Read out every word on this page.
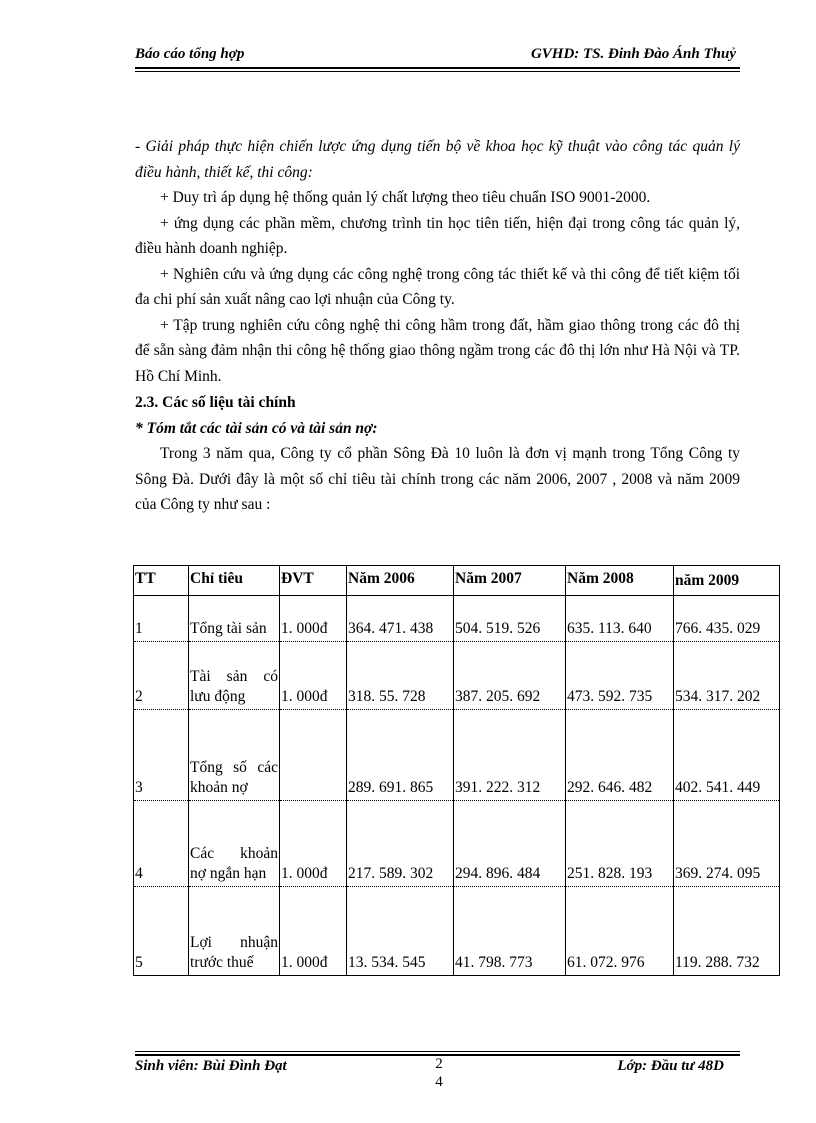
Báo cáo tổng hợp	GVHD: TS. Đinh Đào Ánh Thuỷ

- Giải pháp thực hiện chiến lược ứng dụng tiến bộ về khoa học kỹ thuật vào công tác quản lý điều hành, thiết kế, thi công:

+ Duy trì áp dụng hệ thống quản lý chất lượng theo tiêu chuẩn ISO 9001-2000.

+ ứng dụng các phần mềm, chương trình tin học tiên tiến, hiện đại trong công tác quản lý, điều hành doanh nghiệp.

+ Nghiên cứu và ứng dụng các công nghệ trong công tác thiết kế và thi công để tiết kiệm tối đa chi phí sản xuất nâng cao lợi nhuận của Công ty.

+ Tập trung nghiên cứu công nghệ thi công hầm trong đất, hầm giao thông trong các đô thị để sẵn sàng đảm nhận thi công hệ thống giao thông ngầm trong các đô thị lớn như Hà Nội và TP. Hồ Chí Minh.

2.3. Các số liệu tài chính

* Tóm tắt các tài sản có và tài sản nợ:

Trong 3 năm qua, Công ty cổ phần Sông Đà 10 luôn là đơn vị mạnh trong Tổng Công ty Sông Đà. Dưới đây là một số chỉ tiêu tài chính trong các năm 2006, 2007 , 2008 và năm 2009 của Công ty như sau :

TT	Chỉ tiêu	ĐVT	Năm 2006	Năm 2007	Năm 2008	năm 2009
1	Tổng tài sản	1. 000đ	364. 471. 438	504. 519. 526	635. 113. 640	766. 435. 029
2	Tài sản có
lưu động	1. 000đ	318. 55. 728	387. 205. 692	473. 592. 735	534. 317. 202
3	Tổng số các
khoản nợ		289. 691. 865	391. 222. 312	292. 646. 482	402. 541. 449
4	Các khoản
nợ ngắn hạn	1. 000đ	217. 589. 302	294. 896. 484	251. 828. 193	369. 274. 095
5	Lợi nhuận
trước thuế	1. 000đ	13. 534. 545	41. 798. 773	61. 072. 976	119. 288. 732
Sinh viên: Bùi Đình Đạt	Lớp: Đầu tư 48D
2
4
